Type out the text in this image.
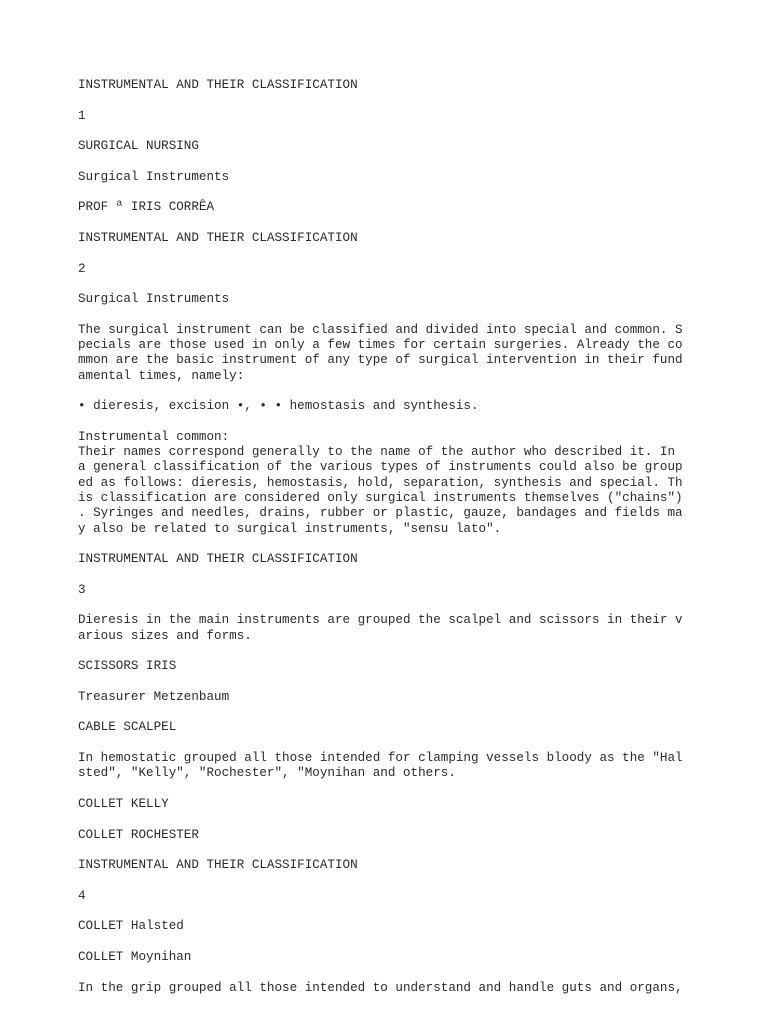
INSTRUMENTAL AND THEIR CLASSIFICATION
1
SURGICAL NURSING
Surgical Instruments
PROF ª IRIS CORRÊA
INSTRUMENTAL AND THEIR CLASSIFICATION
2
Surgical Instruments
The surgical instrument can be classified and divided into special and common. S
pecials are those used in only a few times for certain surgeries. Already the co
mmon are the basic instrument of any type of surgical intervention in their fund
amental times, namely:
• dieresis, excision •, • • hemostasis and synthesis.
Instrumental common:
Their names correspond generally to the name of the author who described it. In
a general classification of the various types of instruments could also be group
ed as follows: dieresis, hemostasis, hold, separation, synthesis and special. Th
is classification are considered only surgical instruments themselves ("chains")
. Syringes and needles, drains, rubber or plastic, gauze, bandages and fields ma
y also be related to surgical instruments, "sensu lato".
INSTRUMENTAL AND THEIR CLASSIFICATION
3
Dieresis in the main instruments are grouped the scalpel and scissors in their v
arious sizes and forms.
SCISSORS IRIS
Treasurer Metzenbaum
CABLE SCALPEL
In hemostatic grouped all those intended for clamping vessels bloody as the "Hal
sted", "Kelly", "Rochester", "Moynihan and others.
COLLET KELLY
COLLET ROCHESTER
INSTRUMENTAL AND THEIR CLASSIFICATION
4
COLLET Halsted
COLLET Moynihan
In the grip grouped all those intended to understand and handle guts and organs,
